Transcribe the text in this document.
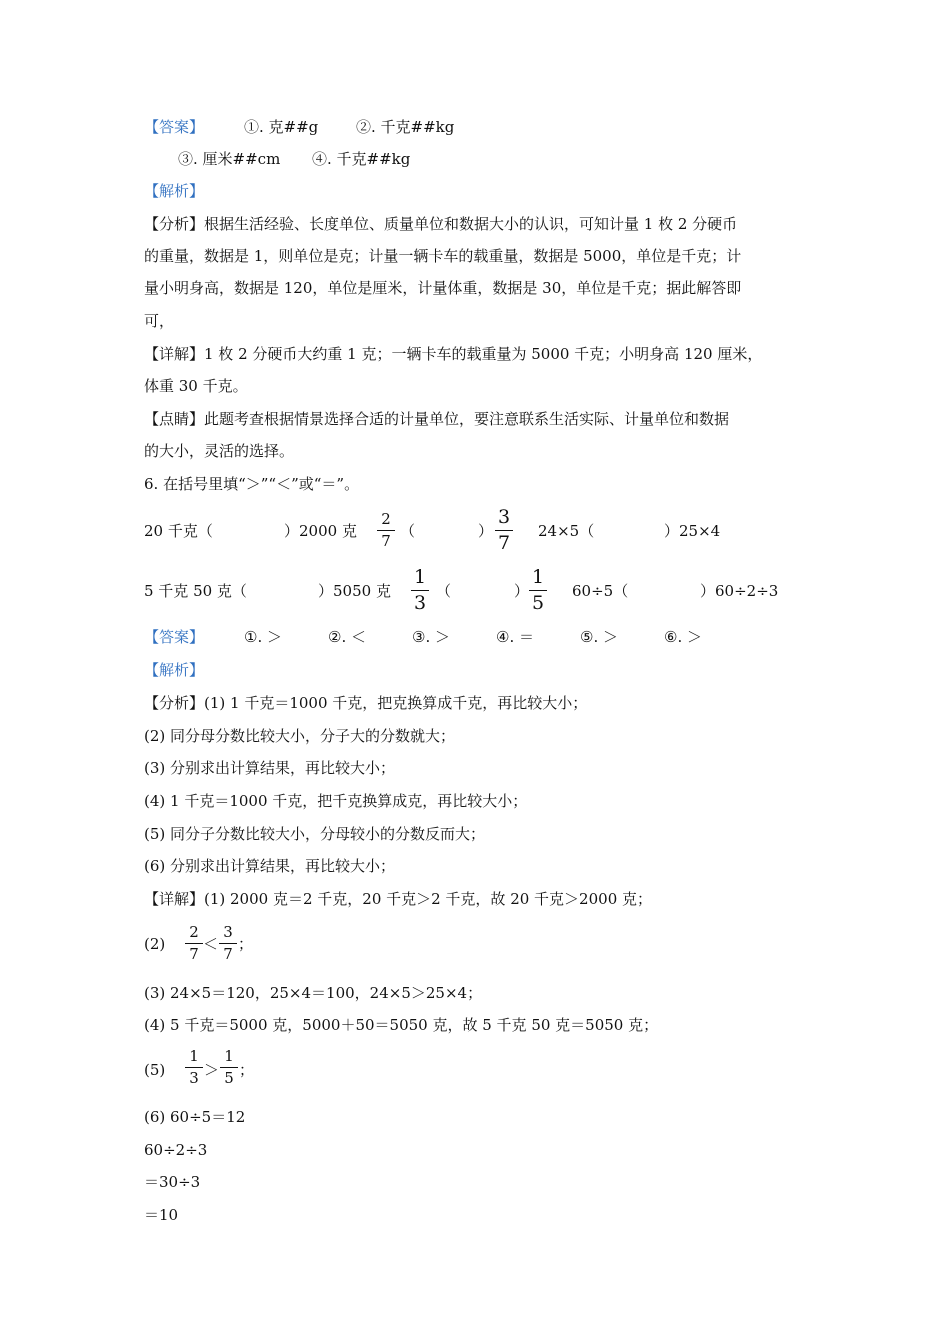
【答案】	①. 克##g	②. 千克##kg
③. 厘米##cm ④. 千克##kg
【解析】
【分析】根据生活经验、长度单位、质量单位和数据大小的认识，可知计量 1 枚 2 分硬币
的重量，数据是 1，则单位是克；计量一辆卡车的载重量，数据是 5000，单位是千克；计
量小明身高，数据是 120，单位是厘米，计量体重，数据是 30，单位是千克；据此解答即
可，
【详解】1 枚 2 分硬币大约重 1 克；一辆卡车的载重量为 5000 千克；小明身高 120 厘米，
体重 30 千克。
【点睛】此题考查根据情景选择合适的计量单位，要注意联系生活实际、计量单位和数据
的大小，灵活的选择。
6. 在括号里填“＞”“＜”或“＝”。
20 千克（	）2000 克
2
7
（	）
3
7
24×5（	）25×4
5 千克 50 克（	）5050 克
1
3
（	）
1
5
60÷5（	）60÷2÷3
【答案】	①. ＞	②. ＜	③. ＞	④. ＝	⑤. ＞	⑥. ＞
【解析】
【分析】(1) 1 千克＝1000 千克，把克换算成千克，再比较大小；
(2) 同分母分数比较大小，分子大的分数就大；
(3) 分别求出计算结果，再比较大小；
(4) 1 千克＝1000 千克，把千克换算成克，再比较大小；
(5) 同分子分数比较大小，分母较小的分数反而大；
(6) 分别求出计算结果，再比较大小；
【详解】(1) 2000 克＝2 千克，20 千克＞2 千克，故 20 千克＞2000 克；
(2)
2
7
＜
3
7
；
(3) 24×5＝120，25×4＝100，24×5＞25×4；
(4) 5 千克＝5000 克，5000＋50＝5050 克，故 5 千克 50 克＝5050 克；
(5)
1
3 ＞
1
5 ；
(6) 60÷5＝12
60÷2÷3
＝30÷3
＝10
